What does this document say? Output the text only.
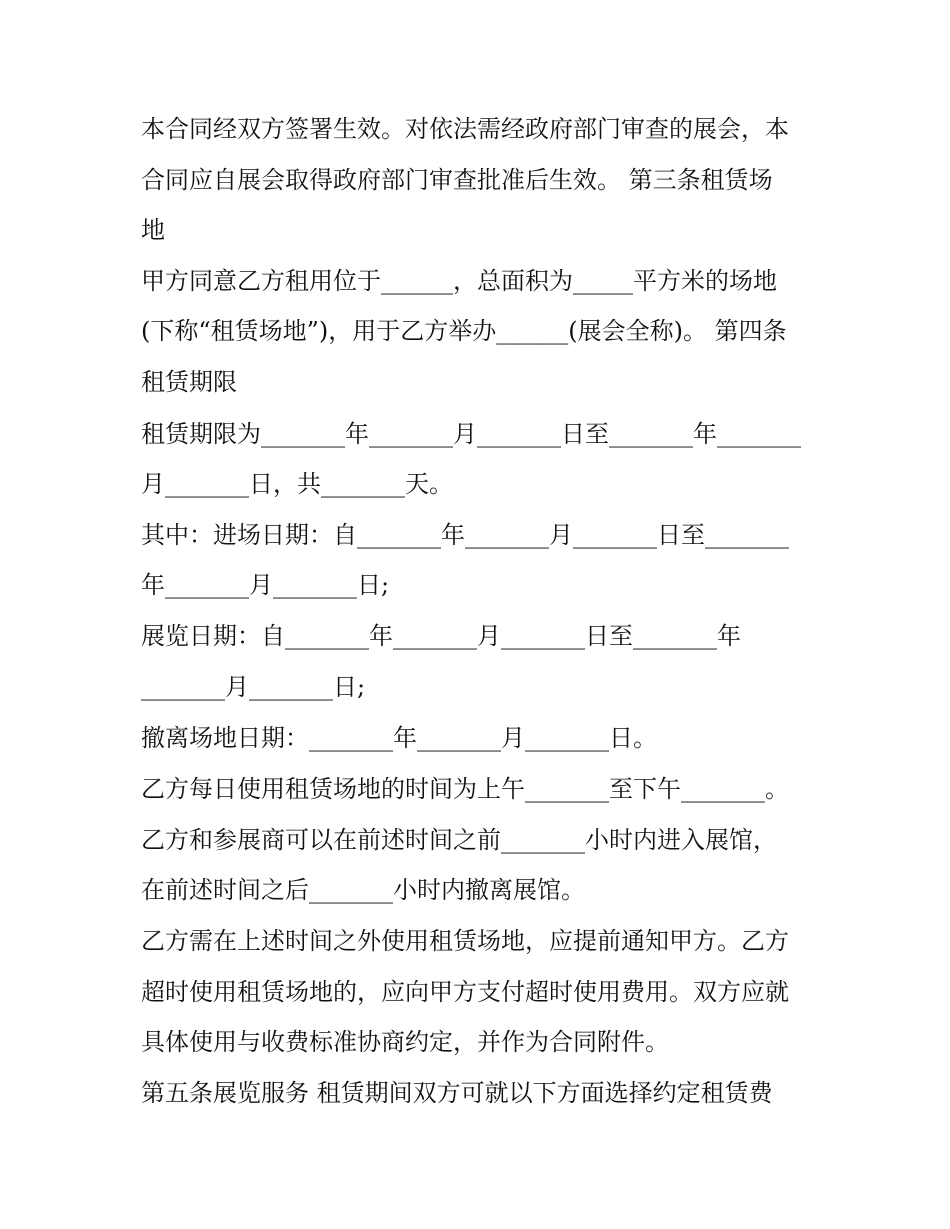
本合同经双方签署生效。对依法需经政府部门审查的展会，本
合同应自展会取得政府部门审查批准后生效。 第三条租赁场
地
甲方同意乙方租用位于______，总面积为_____平方米的场地
(下称“租赁场地”)，用于乙方举办______(展会全称)。 第四条
租赁期限
租赁期限为_______年_______月_______日至_______年_______
月_______日，共_______天。
其中：进场日期：自_______年_______月_______日至_______
年_______月_______日;
展览日期：自_______年_______月_______日至_______年
_______月_______日;
撤离场地日期：_______年_______月_______日。
乙方每日使用租赁场地的时间为上午_______至下午_______。
乙方和参展商可以在前述时间之前_______小时内进入展馆，
在前述时间之后_______小时内撤离展馆。
乙方需在上述时间之外使用租赁场地，应提前通知甲方。乙方
超时使用租赁场地的，应向甲方支付超时使用费用。双方应就
具体使用与收费标准协商约定，并作为合同附件。
第五条展览服务 租赁期间双方可就以下方面选择约定租赁费
